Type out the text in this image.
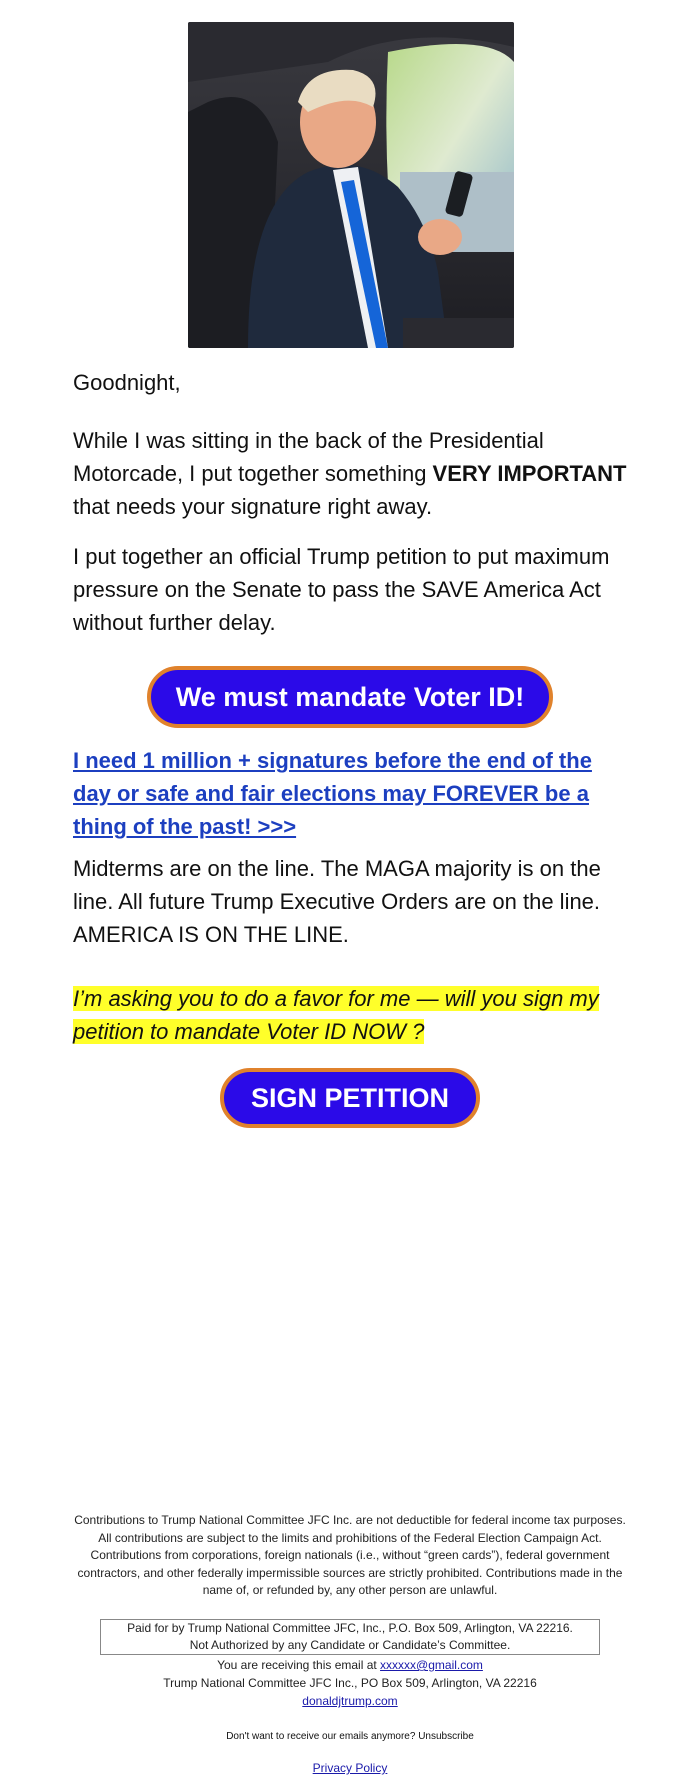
Goodnight,
While I was sitting in the back of the Presidential Motorcade, I put together something VERY IMPORTANT that needs your signature right away.
I put together an official Trump petition to put maximum pressure on the Senate to pass the SAVE America Act without further delay.
We must mandate Voter ID!
I need 1 million + signatures before the end of the day or safe and fair elections may FOREVER be a thing of the past! >>>
Midterms are on the line. The MAGA majority is on the line. All future Trump Executive Orders are on the line. AMERICA IS ON THE LINE.
I’m asking you to do a favor for me — will you sign my petition to mandate Voter ID NOW ?
SIGN PETITION
Contributions to Trump National Committee JFC Inc. are not deductible for federal income tax purposes. All contributions are subject to the limits and prohibitions of the Federal Election Campaign Act. Contributions from corporations, foreign nationals (i.e., without “green cards”), federal government contractors, and other federally impermissible sources are strictly prohibited. Contributions made in the name of, or refunded by, any other person are unlawful.
Paid for by Trump National Committee JFC, Inc., P.O. Box 509, Arlington, VA 22216.
Not Authorized by any Candidate or Candidate’s Committee.
You are receiving this email at xxxxxx@gmail.com
Trump National Committee JFC Inc., PO Box 509, Arlington, VA 22216
donaldjtrump.com
Don't want to receive our emails anymore? Unsubscribe
Privacy Policy
